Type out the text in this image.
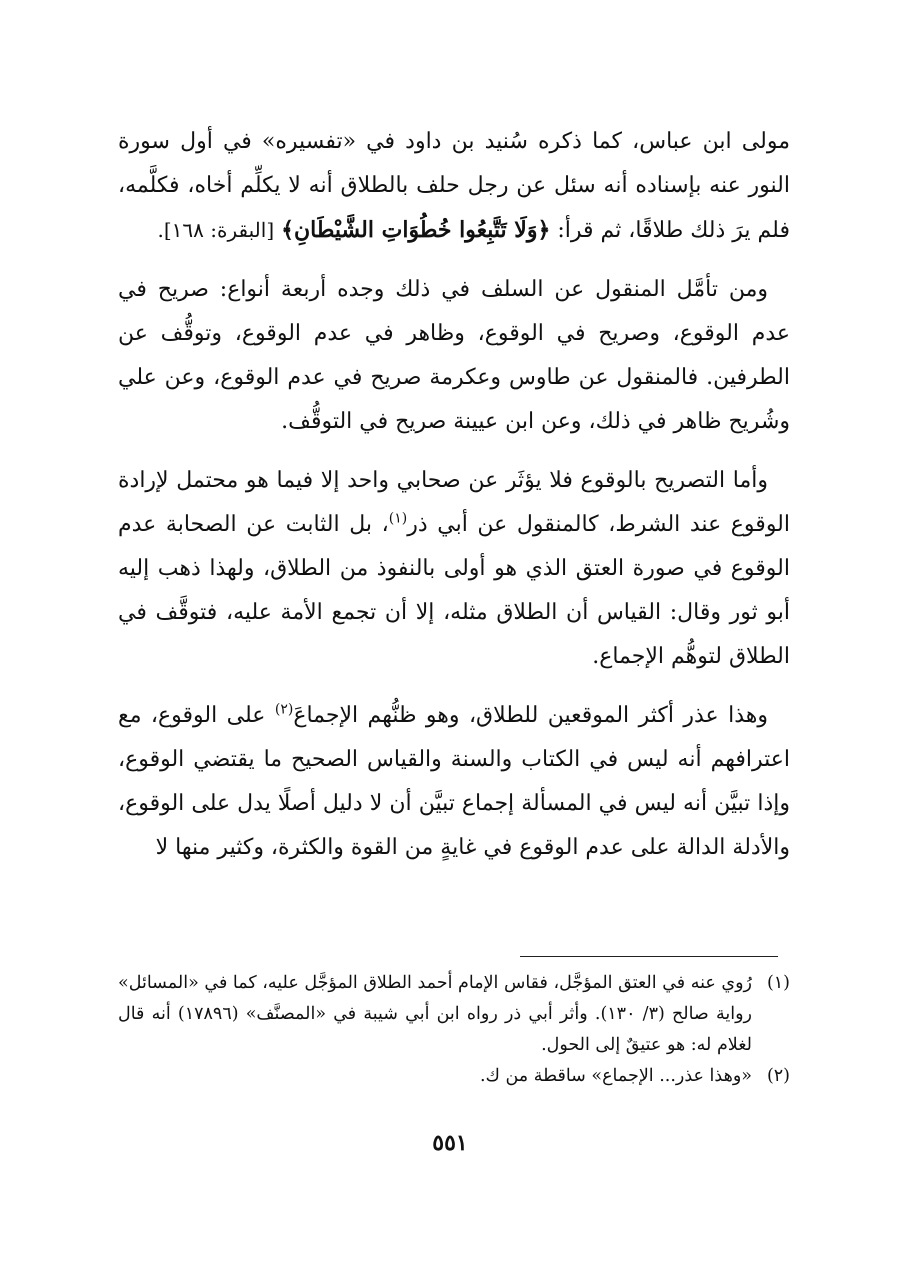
مولى ابن عباس، كما ذكره سُنيد بن داود في «تفسيره» في أول سورة النور عنه بإسناده أنه سئل عن رجل حلف بالطلاق أنه لا يكلِّم أخاه، فكلَّمه، فلم يرَ ذلك طلاقًا، ثم قرأ: ﴿وَلَا تَتَّبِعُوا خُطُوَاتِ الشَّيْطَانِ﴾ [البقرة: ١٦٨].

ومن تأمَّل المنقول عن السلف في ذلك وجده أربعة أنواع: صريح في عدم الوقوع، وصريح في الوقوع، وظاهر في عدم الوقوع، وتوقُّف عن الطرفين. فالمنقول عن طاوس وعكرمة صريح في عدم الوقوع، وعن علي وشُريح ظاهر في ذلك، وعن ابن عيينة صريح في التوقُّف.

وأما التصريح بالوقوع فلا يؤثَر عن صحابي واحد إلا فيما هو محتمل لإرادة الوقوع عند الشرط، كالمنقول عن أبي ذر$^{(١)}$، بل الثابت عن الصحابة عدم الوقوع في صورة العتق الذي هو أولى بالنفوذ من الطلاق، ولهذا ذهب إليه أبو ثور وقال: القياس أن الطلاق مثله، إلا أن تجمع الأمة عليه، فتوقَّف في الطلاق لتوهُّم الإجماع.

وهذا عذر أكثر الموقعين للطلاق، وهو ظنُّهم الإجماعَ$^{(٢)}$ على الوقوع، مع اعترافهم أنه ليس في الكتاب والسنة والقياس الصحيح ما يقتضي الوقوع، وإذا تبيَّن أنه ليس في المسألة إجماع تبيَّن أن لا دليل أصلًا يدل على الوقوع، والأدلة الدالة على عدم الوقوع في غايةٍ من القوة والكثرة، وكثير منها لا

(١)
رُوي عنه في العتق المؤجَّل، فقاس الإمام أحمد الطلاق المؤجَّل عليه، كما في «المسائل» رواية صالح (٣/ ١٣٠). وأثر أبي ذر رواه ابن أبي شيبة في «المصنَّف» (١٧٨٩٦) أنه قال لغلام له: هو عتيقٌ إلى الحول.
(٢)
«وهذا عذر... الإجماع» ساقطة من ك.
٥٥١
